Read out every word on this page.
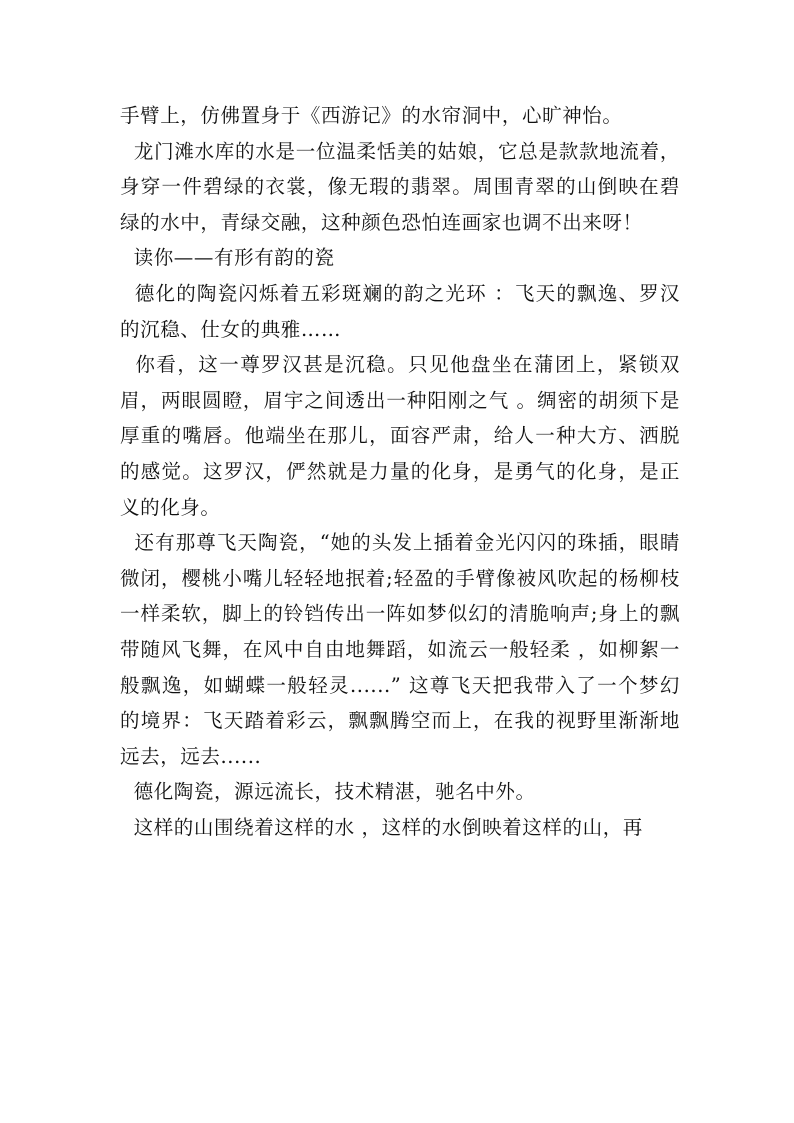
手臂上，仿佛置身于《西游记》的水帘洞中，心旷神怡。

龙门滩水库的水是一位温柔恬美的姑娘，它总是款款地流着，身穿一件碧绿的衣裳，像无瑕的翡翠。周围青翠的山倒映在碧绿的水中，青绿交融，这种颜色恐怕连画家也调不出来呀！

读你——有形有韵的瓷

德化的陶瓷闪烁着五彩斑斓的韵之光环 ：飞天的飘逸、罗汉的沉稳、仕女的典雅……

你看，这一尊罗汉甚是沉稳。只见他盘坐在蒲团上，紧锁双眉，两眼圆瞪，眉宇之间透出一种阳刚之气 。绸密的胡须下是厚重的嘴唇。他端坐在那儿，面容严肃，给人一种大方、洒脱的感觉。这罗汉，俨然就是力量的化身，是勇气的化身，是正义的化身。

还有那尊飞天陶瓷，“她的头发上插着金光闪闪的珠插，眼睛微闭，樱桃小嘴儿轻轻地抿着;轻盈的手臂像被风吹起的杨柳枝一样柔软，脚上的铃铛传出一阵如梦似幻的清脆响声;身上的飘带随风飞舞，在风中自由地舞蹈，如流云一般轻柔 ，如柳絮一般飘逸，如蝴蝶一般轻灵......” 这尊飞天把我带入了一个梦幻的境界：飞天踏着彩云，飘飘腾空而上，在我的视野里渐渐地远去，远去......

德化陶瓷，源远流长，技术精湛，驰名中外。

这样的山围绕着这样的水 ，这样的水倒映着这样的山，再
